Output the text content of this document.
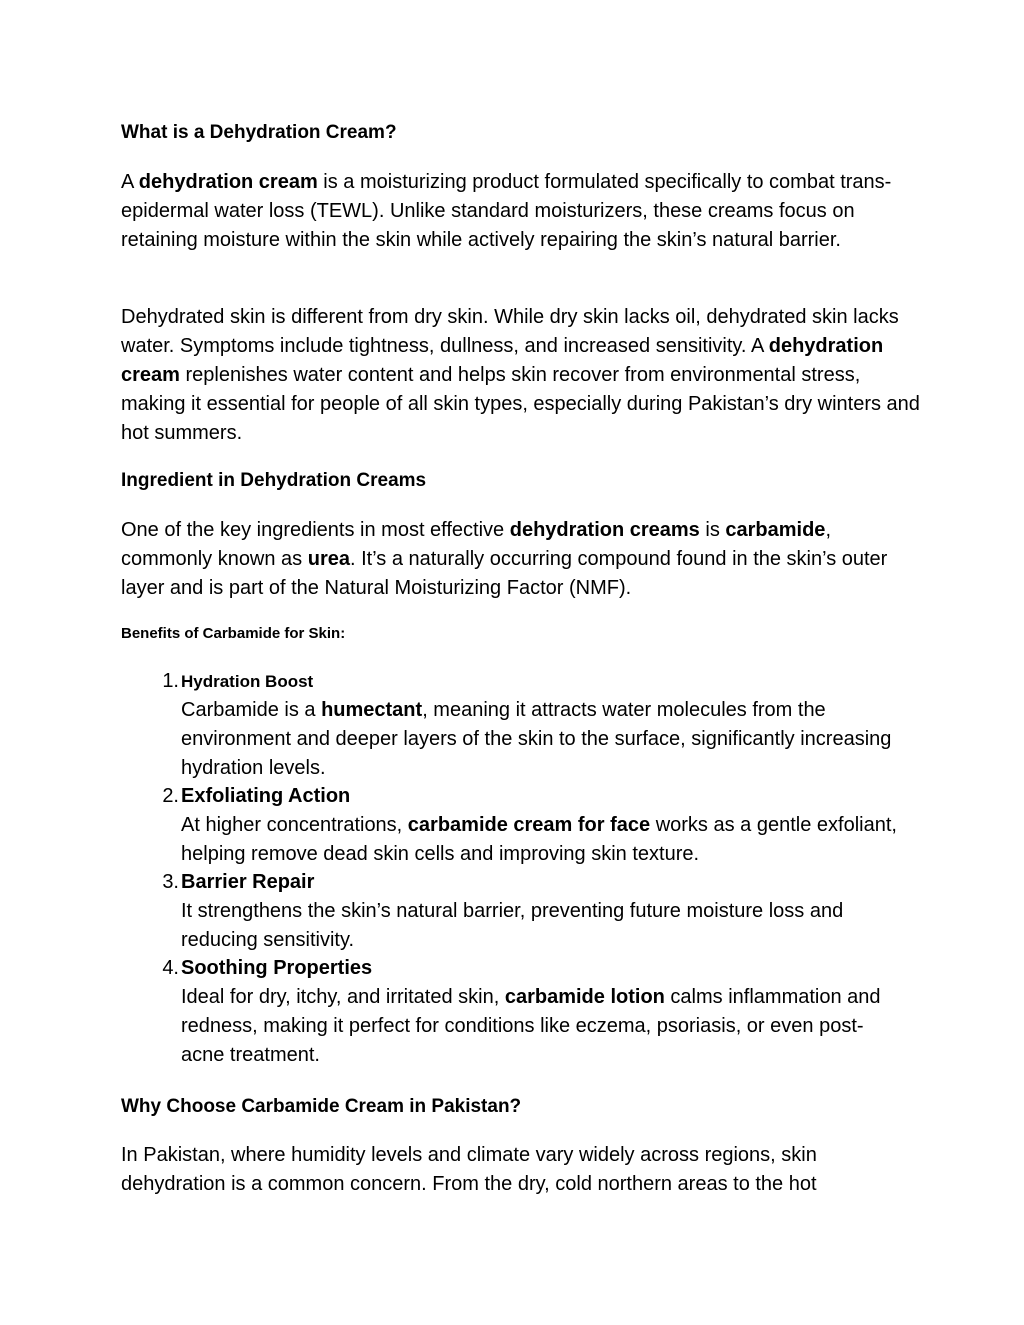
What is a Dehydration Cream?

A dehydration cream is a moisturizing product formulated specifically to combat trans-epidermal water loss (TEWL). Unlike standard moisturizers, these creams focus on retaining moisture within the skin while actively repairing the skin’s natural barrier.

Dehydrated skin is different from dry skin. While dry skin lacks oil, dehydrated skin lacks water. Symptoms include tightness, dullness, and increased sensitivity. A dehydration cream replenishes water content and helps skin recover from environmental stress, making it essential for people of all skin types, especially during Pakistan’s dry winters and hot summers.

Ingredient in Dehydration Creams

One of the key ingredients in most effective dehydration creams is carbamide, commonly known as urea. It’s a naturally occurring compound found in the skin’s outer layer and is part of the Natural Moisturizing Factor (NMF).

Benefits of Carbamide for Skin:
1. Hydration Boost
Carbamide is a humectant, meaning it attracts water molecules from the environment and deeper layers of the skin to the surface, significantly increasing hydration levels.
2. Exfoliating Action
At higher concentrations, carbamide cream for face works as a gentle exfoliant, helping remove dead skin cells and improving skin texture.
3. Barrier Repair
It strengthens the skin’s natural barrier, preventing future moisture loss and reducing sensitivity.
4. Soothing Properties
Ideal for dry, itchy, and irritated skin, carbamide lotion calms inflammation and redness, making it perfect for conditions like eczema, psoriasis, or even post-acne treatment.
Why Choose Carbamide Cream in Pakistan?

In Pakistan, where humidity levels and climate vary widely across regions, skin dehydration is a common concern. From the dry, cold northern areas to the hot
